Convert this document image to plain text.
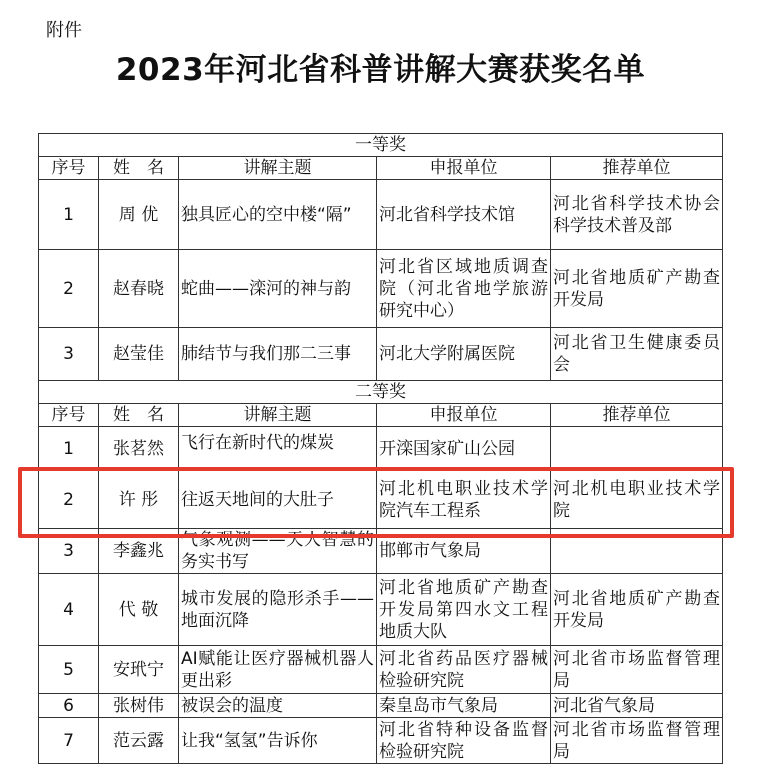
附件
2023年河北省科普讲解大赛获奖名单
一等奖				
序号	姓　名	讲解主题	申报单位	推荐单位
1	周 优	独具匠心的空中楼“隔”	河北省科学技术馆	河北省科学技术协会科学技术普及部
2	赵春晓	蛇曲——滦河的神与韵	河北省区域地质调查院（河北省地学旅游研究中心）	河北省地质矿产勘查开发局
3	赵莹佳	肺结节与我们那二三事	河北大学附属医院	河北省卫生健康委员会
二等奖				
序号	姓　名	讲解主题	申报单位	推荐单位
1	张茗然	飞行在新时代的煤炭	开滦国家矿山公园	
2	许 彤	往返天地间的大肚子	河北机电职业技术学院汽车工程系	河北机电职业技术学院
3	李鑫兆	气象观测——天人智慧的务实书写	邯郸市气象局	
4	代 敬	城市发展的隐形杀手——地面沉降	河北省地质矿产勘查开发局第四水文工程地质大队	河北省地质矿产勘查开发局
5	安玳宁	AI赋能让医疗器械机器人更出彩	河北省药品医疗器械检验研究院	河北省市场监督管理局
6	张树伟	被误会的温度	秦皇岛市气象局	河北省气象局
7	范云露	让我“氢氢”告诉你	河北省特种设备监督检验研究院	河北省市场监督管理局
